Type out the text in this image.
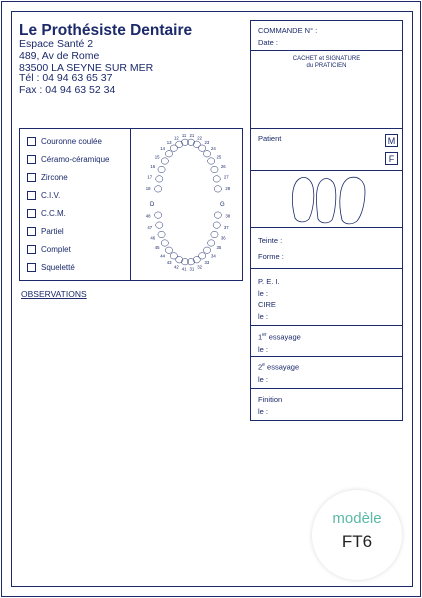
Le Prothésiste Dentaire
Espace Santé 2
489, Av de Rome
83500 LA SEYNE SUR MER
Tél : 04 94 63 65 37
Fax : 04 94 63 52 34
COMMANDE N° :
Date :
CACHET et SIGNATURE
du PRATICIEN
Patient	M
F
Teinte :
Forme :
P. E. I.
le :
CIRE
le :
1er essayage
le :
2e essayage
le :
Finition
le :
Couronne coulée
Céramo-céramique
Zircone
C.I.V.
C.C.M.
Partiel
Complet
Squeletté
18
17
16
15
14
13
12 11 21 22
23
24
25
26
27
28
48
47
46
45
44
43
42 41 31 32
33
34
35
36
37
38
D	G
OBSERVATIONS
modèle
FT6
